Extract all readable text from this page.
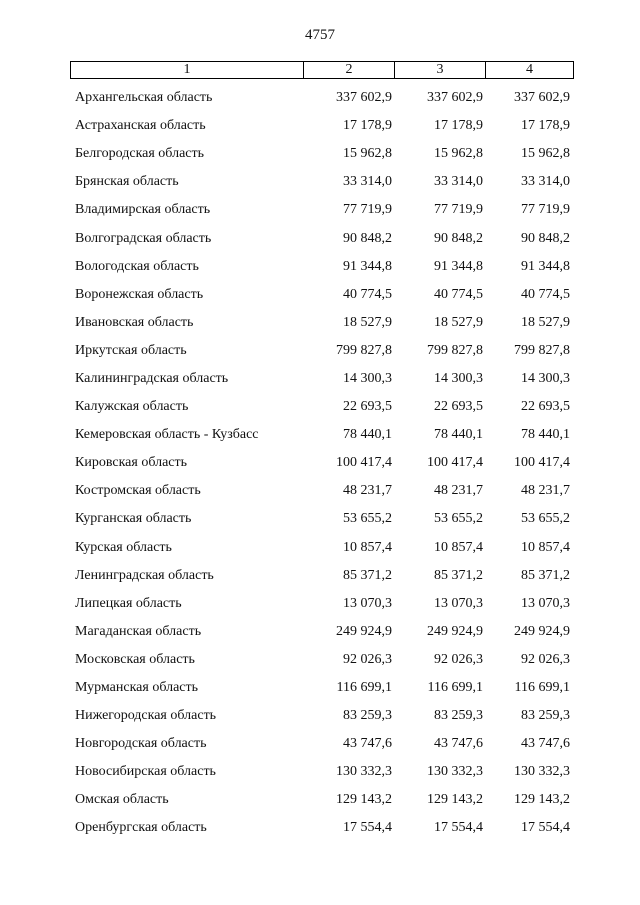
4757
1	2	3	4
Архангельская область	337 602,9	337 602,9	337 602,9
Астраханская область	17 178,9	17 178,9	17 178,9
Белгородская область	15 962,8	15 962,8	15 962,8
Брянская область	33 314,0	33 314,0	33 314,0
Владимирская область	77 719,9	77 719,9	77 719,9
Волгоградская область	90 848,2	90 848,2	90 848,2
Вологодская область	91 344,8	91 344,8	91 344,8
Воронежская область	40 774,5	40 774,5	40 774,5
Ивановская область	18 527,9	18 527,9	18 527,9
Иркутская область	799 827,8	799 827,8	799 827,8
Калининградская область	14 300,3	14 300,3	14 300,3
Калужская область	22 693,5	22 693,5	22 693,5
Кемеровская область - Кузбасс	78 440,1	78 440,1	78 440,1
Кировская область	100 417,4	100 417,4	100 417,4
Костромская область	48 231,7	48 231,7	48 231,7
Курганская область	53 655,2	53 655,2	53 655,2
Курская область	10 857,4	10 857,4	10 857,4
Ленинградская область	85 371,2	85 371,2	85 371,2
Липецкая область	13 070,3	13 070,3	13 070,3
Магаданская область	249 924,9	249 924,9	249 924,9
Московская область	92 026,3	92 026,3	92 026,3
Мурманская область	116 699,1	116 699,1	116 699,1
Нижегородская область	83 259,3	83 259,3	83 259,3
Новгородская область	43 747,6	43 747,6	43 747,6
Новосибирская область	130 332,3	130 332,3	130 332,3
Омская область	129 143,2	129 143,2	129 143,2
Оренбургская область	17 554,4	17 554,4	17 554,4
